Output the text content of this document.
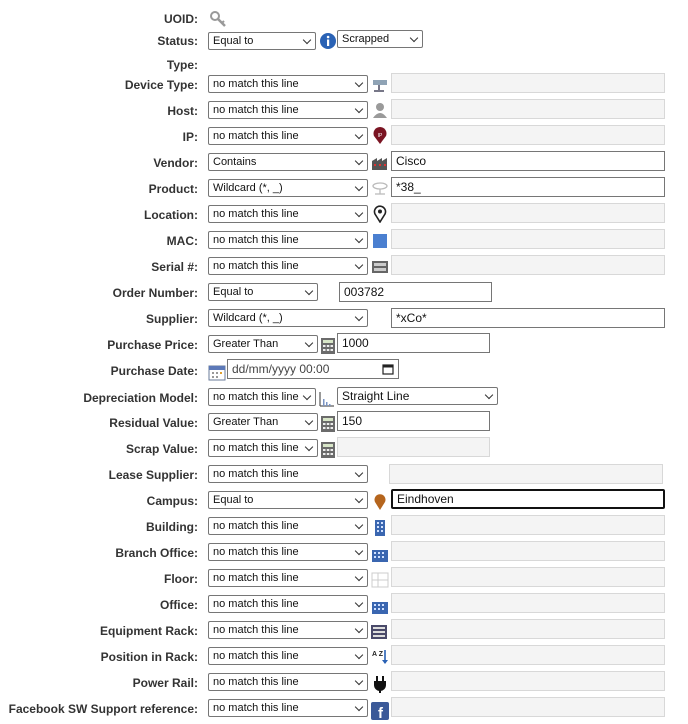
UOID:
Status:	Equal to	Scrapped
Type:
Device Type:	no match this line
Host:	no match this line
IP:	no match this line	IP
Vendor:	Contains	Cisco
Product:	Wildcard (*, _)	*38_
Location:	no match this line
MAC:	no match this line
Serial #:	no match this line
Order Number:	Equal to	003782
Supplier:	Wildcard (*, _)	*xCo*
Purchase Price:	Greater Than	1000
Purchase Date:	dd/mm/yyyy 00:00
Depreciation Model:	no match this line	Straight Line
Residual Value:	Greater Than	150
Scrap Value:	no match this line
Lease Supplier:	no match this line
Campus:	Equal to	Eindhoven
Building:	no match this line
Branch Office:	no match this line
Floor:	no match this line
Office:	no match this line
Equipment Rack:	no match this line
Position in Rack:	no match this line	A Z
Power Rail:	no match this line
Facebook SW Support reference:	no match this line	f
